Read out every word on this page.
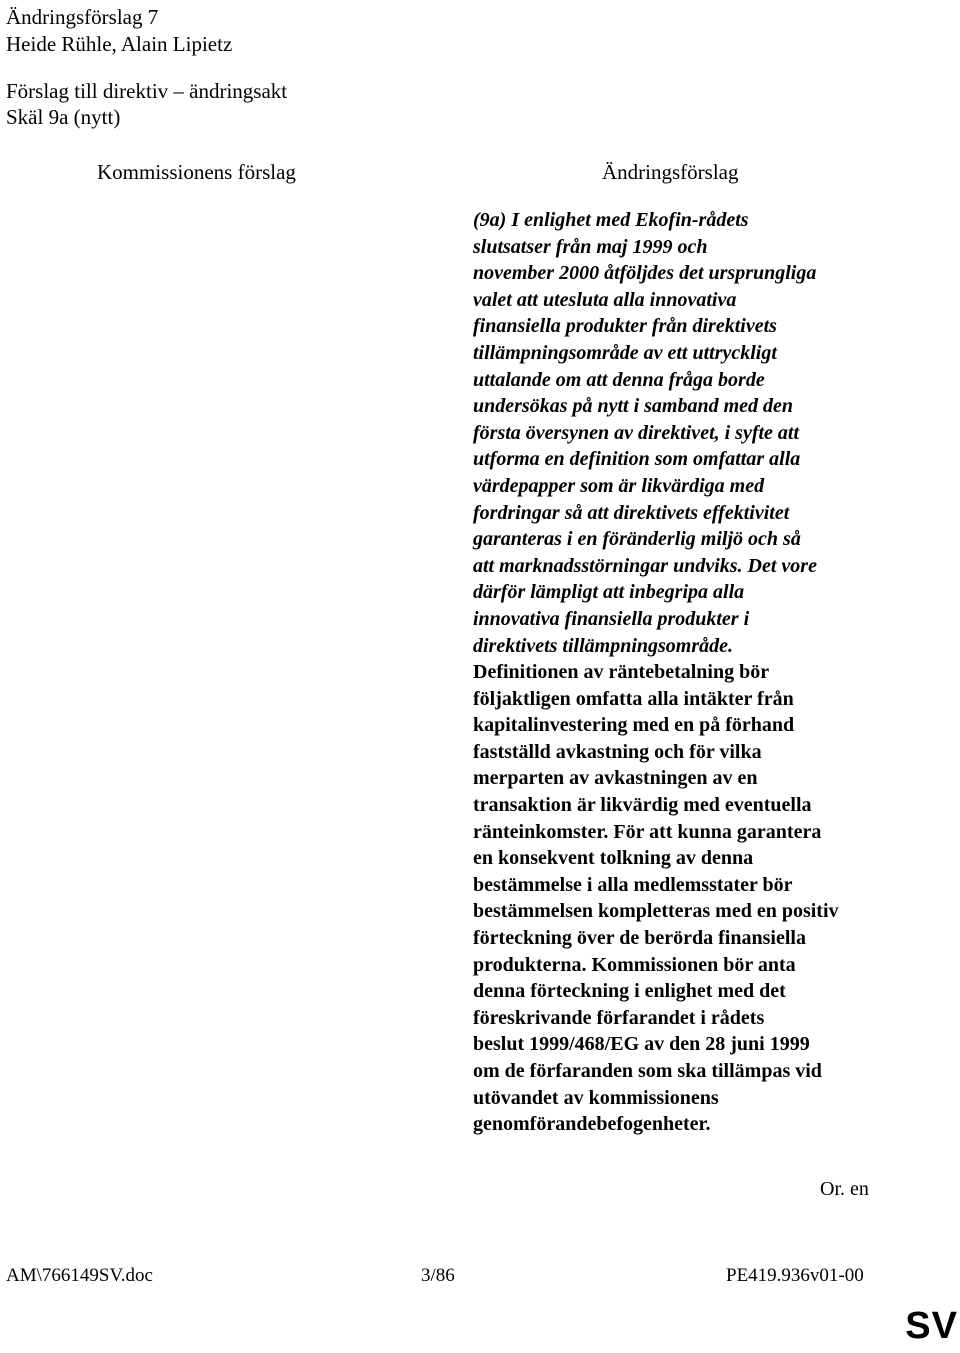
Ändringsförslag 7
Heide Rühle, Alain Lipietz
Förslag till direktiv – ändringsakt
Skäl 9a (nytt)
Kommissionens förslag	Ändringsförslag
(9a) I enlighet med Ekofin-rådets
slutsatser från maj 1999 och
november 2000 åtföljdes det ursprungliga
valet att utesluta alla innovativa
finansiella produkter från direktivets
tillämpningsområde av ett uttryckligt
uttalande om att denna fråga borde
undersökas på nytt i samband med den
första översynen av direktivet, i syfte att
utforma en definition som omfattar alla
värdepapper som är likvärdiga med
fordringar så att direktivets effektivitet
garanteras i en föränderlig miljö och så
att marknadsstörningar undviks. Det vore
därför lämpligt att inbegripa alla
innovativa finansiella produkter i
direktivets tillämpningsområde.
Definitionen av räntebetalning bör
följaktligen omfatta alla intäkter från
kapitalinvestering med en på förhand
fastställd avkastning och för vilka
merparten av avkastningen av en
transaktion är likvärdig med eventuella
ränteinkomster. För att kunna garantera
en konsekvent tolkning av denna
bestämmelse i alla medlemsstater bör
bestämmelsen kompletteras med en positiv
förteckning över de berörda finansiella
produkterna. Kommissionen bör anta
denna förteckning i enlighet med det
föreskrivande förfarandet i rådets
beslut 1999/468/EG av den 28 juni 1999
om de förfaranden som ska tillämpas vid
utövandet av kommissionens
genomförandebefogenheter.
Or. en
AM\766149SV.doc	3/86	PE419.936v01-00
SV
